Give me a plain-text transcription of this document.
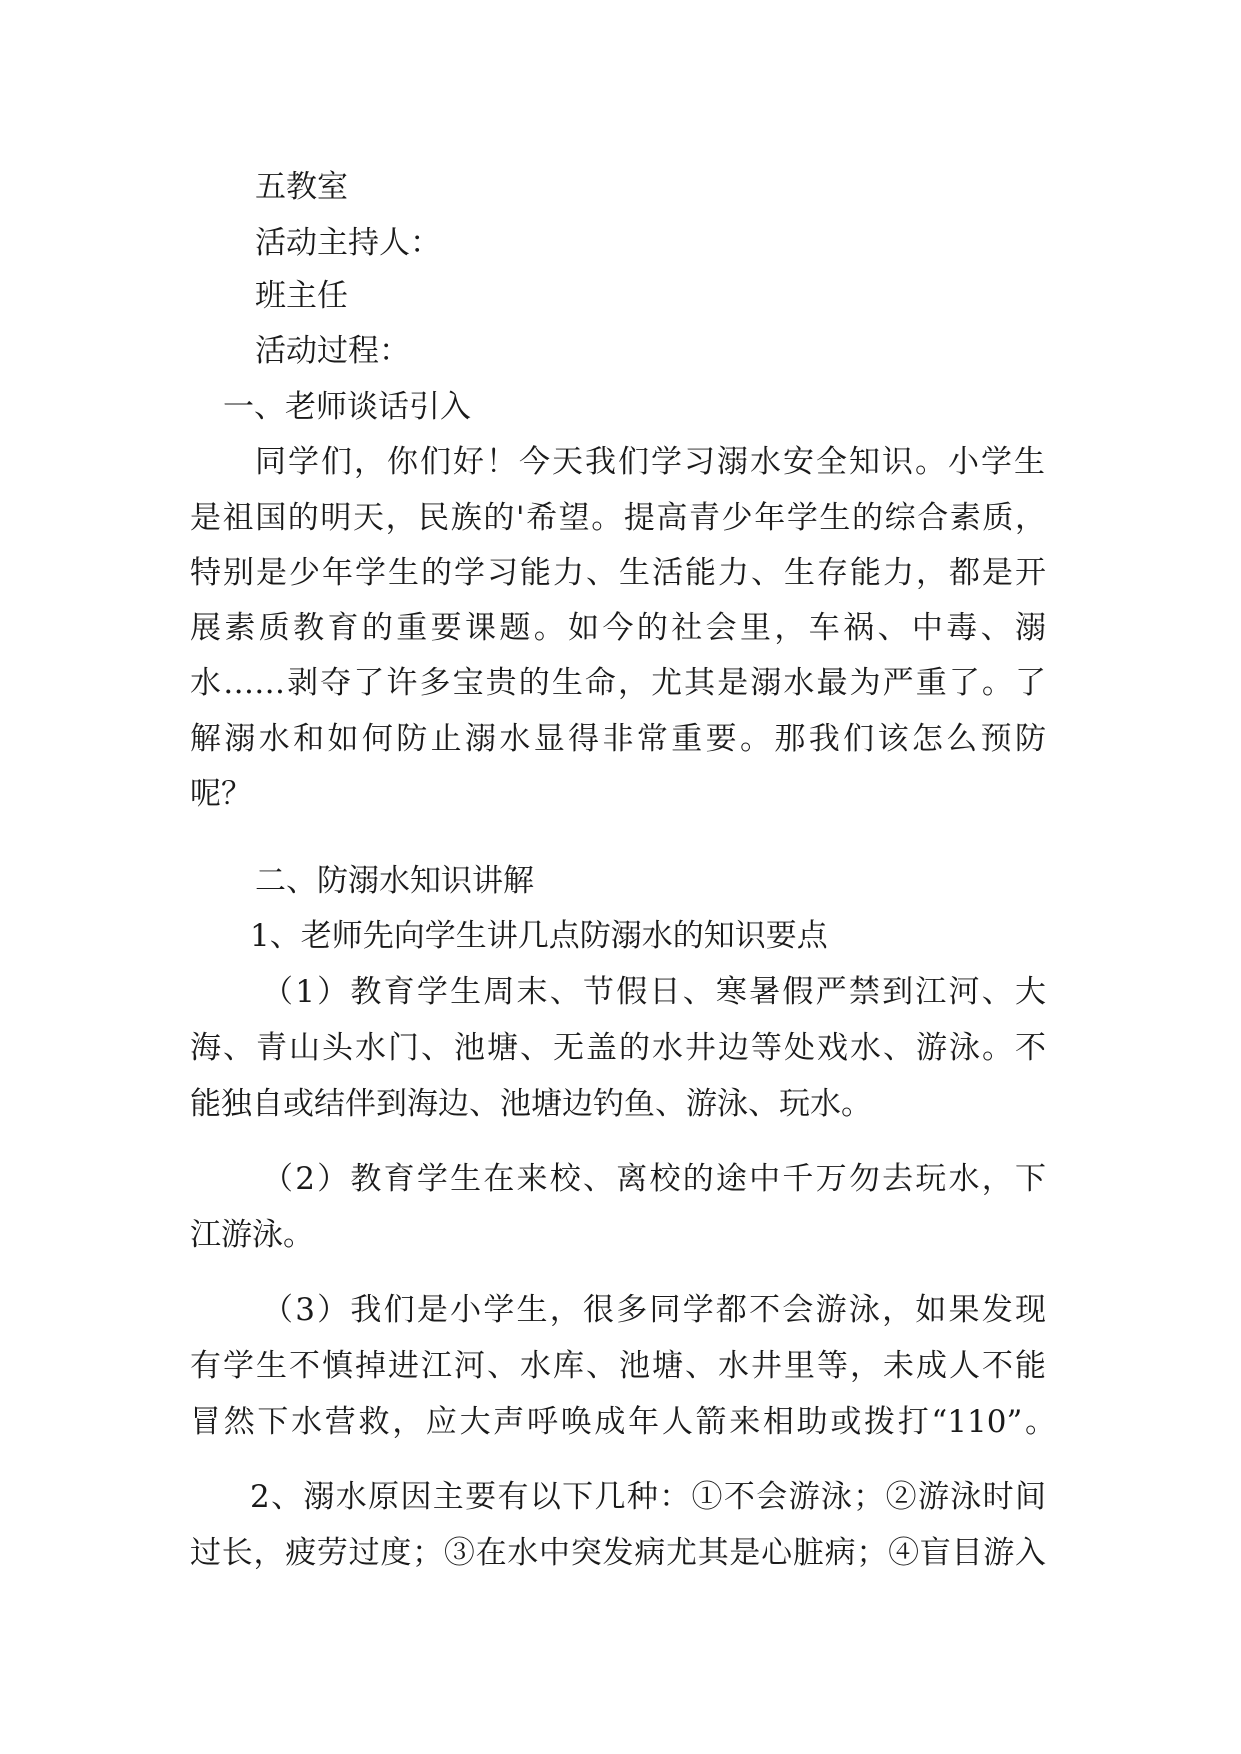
五教室

活动主持人：

班主任

活动过程：

一、老师谈话引入

同学们，你们好！今天我们学习溺水安全知识。小学生

是祖国的明天，民族的'希望。提高青少年学生的综合素质，

特别是少年学生的学习能力、生活能力、生存能力，都是开

展素质教育的重要课题。如今的社会里，车祸、中毒、溺

水……剥夺了许多宝贵的生命，尤其是溺水最为严重了。了

解溺水和如何防止溺水显得非常重要。那我们该怎么预防

呢？

二、防溺水知识讲解

1、老师先向学生讲几点防溺水的知识要点

（1）教育学生周末、节假日、寒暑假严禁到江河、大

海、青山头水门、池塘、无盖的水井边等处戏水、游泳。不

能独自或结伴到海边、池塘边钓鱼、游泳、玩水。

（2）教育学生在来校、离校的途中千万勿去玩水，下

江游泳。

（3）我们是小学生，很多同学都不会游泳，如果发现

有学生不慎掉进江河、水库、池塘、水井里等，未成人不能

冒然下水营救，应大声呼唤成年人箭来相助或拨打“110”。

2、溺水原因主要有以下几种：①不会游泳；②游泳时间

过长，疲劳过度；③在水中突发病尤其是心脏病；④盲目游入
